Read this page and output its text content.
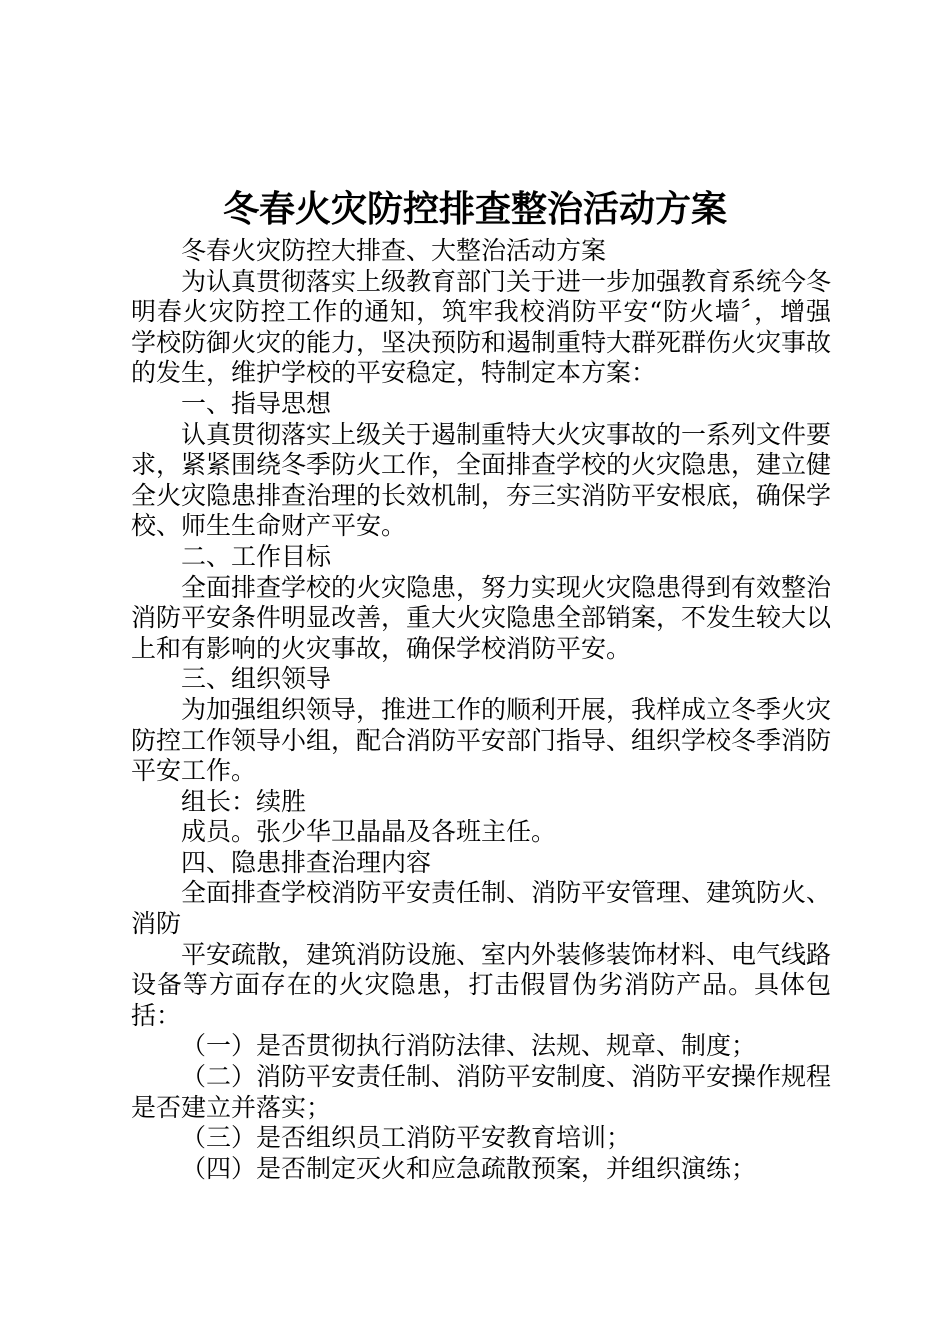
冬春火灾防控排查整治活动方案

冬春火灾防控大排查、大整治活动方案

为认真贯彻落实上级教育部门关于进一步加强教育系统今冬明春火灾防控工作的通知，筑牢我校消防平安“防火墙〞，增强学校防御火灾的能力，坚决预防和遏制重特大群死群伤火灾事故的发生，维护学校的平安稳定，特制定本方案：

一、指导思想

认真贯彻落实上级关于遏制重特大火灾事故的一系列文件要求，紧紧围绕冬季防火工作，全面排查学校的火灾隐患，建立健全火灾隐患排查治理的长效机制，夯三实消防平安根底，确保学校、师生生命财产平安。

二、工作目标

全面排查学校的火灾隐患，努力实现火灾隐患得到有效整治消防平安条件明显改善，重大火灾隐患全部销案，不发生较大以上和有影响的火灾事故，确保学校消防平安。

三、组织领导

为加强组织领导，推进工作的顺利开展，我样成立冬季火灾防控工作领导小组，配合消防平安部门指导、组织学校冬季消防平安工作。

组长：续胜

成员。张少华卫晶晶及各班主任。

四、隐患排查治理内容

全面排查学校消防平安责任制、消防平安管理、建筑防火、消防

平安疏散，建筑消防设施、室内外装修装饰材料、电气线路设备等方面存在的火灾隐患，打击假冒伪劣消防产品。具体包括：

（一）是否贯彻执行消防法律、法规、规章、制度；

（二）消防平安责任制、消防平安制度、消防平安操作规程是否建立并落实；

（三）是否组织员工消防平安教育培训；

（四）是否制定灭火和应急疏散预案，并组织演练；
